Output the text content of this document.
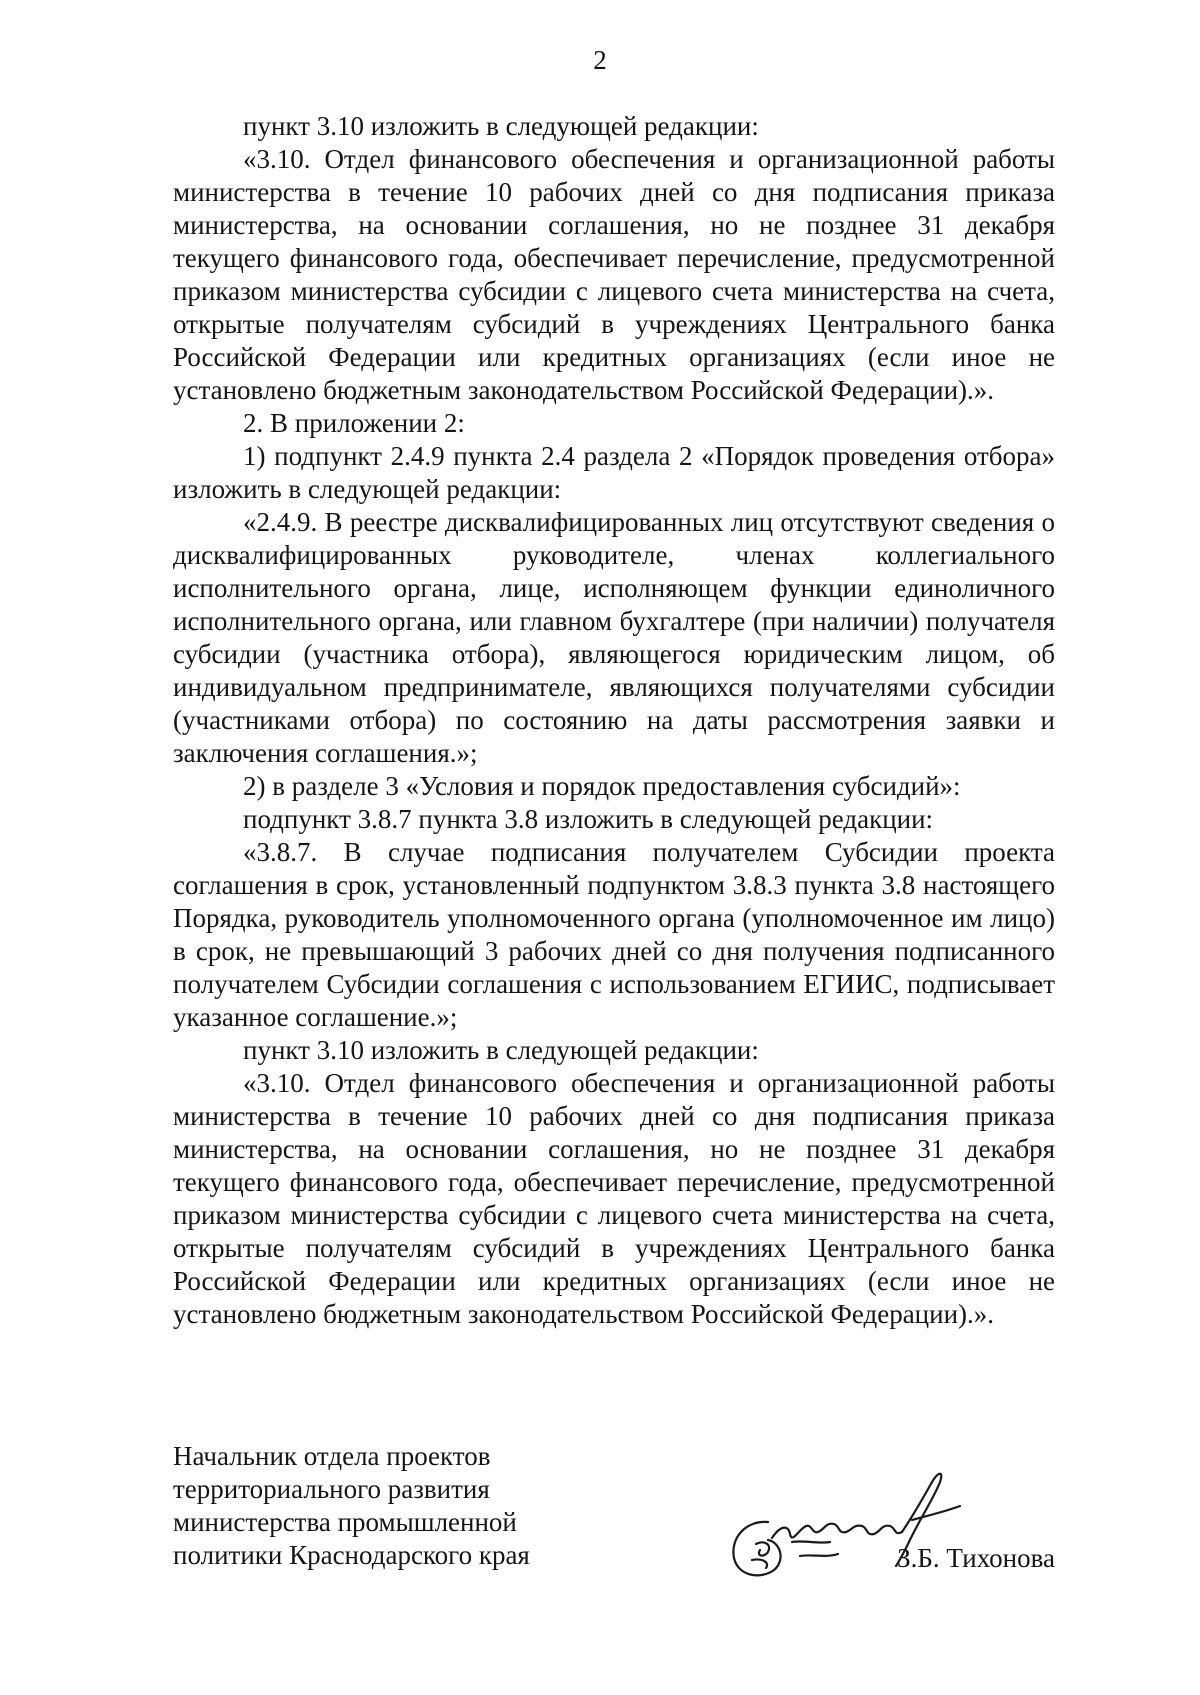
2

пункт 3.10 изложить в следующей редакции:

«3.10. Отдел финансового обеспечения и организационной работы министерства в течение 10 рабочих дней со дня подписания приказа министерства, на основании соглашения, но не позднее 31 декабря текущего финансового года, обеспечивает перечисление, предусмотренной приказом министерства субсидии с лицевого счета министерства на счета, открытые получателям субсидий в учреждениях Центрального банка Российской Федерации или кредитных организациях (если иное не установлено бюджетным законодательством Российской Федерации).».

2. В приложении 2:

1) подпункт 2.4.9 пункта 2.4 раздела 2 «Порядок проведения отбора» изложить в следующей редакции:

«2.4.9. В реестре дисквалифицированных лиц отсутствуют сведения о дисквалифицированных руководителе, членах коллегиального исполнительного органа, лице, исполняющем функции единоличного исполнительного органа, или главном бухгалтере (при наличии) получателя субсидии (участника отбора), являющегося юридическим лицом, об индивидуальном предпринимателе, являющихся получателями субсидии (участниками отбора) по состоянию на даты рассмотрения заявки и заключения соглашения.»;

2) в разделе 3 «Условия и порядок предоставления субсидий»:

подпункт 3.8.7 пункта 3.8 изложить в следующей редакции:

«3.8.7. В случае подписания получателем Субсидии проекта соглашения в срок, установленный подпунктом 3.8.3 пункта 3.8 настоящего Порядка, руководитель уполномоченного органа (уполномоченное им лицо) в срок, не превышающий 3 рабочих дней со дня получения подписанного получателем Субсидии соглашения с использованием ЕГИИС, подписывает указанное соглашение.»;

пункт 3.10 изложить в следующей редакции:

«3.10. Отдел финансового обеспечения и организационной работы министерства в течение 10 рабочих дней со дня подписания приказа министерства, на основании соглашения, но не позднее 31 декабря текущего финансового года, обеспечивает перечисление, предусмотренной приказом министерства субсидии с лицевого счета министерства на счета, открытые получателям субсидий в учреждениях Центрального банка Российской Федерации или кредитных организациях (если иное не установлено бюджетным законодательством Российской Федерации).».

Начальник отдела проектов
территориального развития
министерства промышленной
политики Краснодарского края	З.Б. Тихонова
